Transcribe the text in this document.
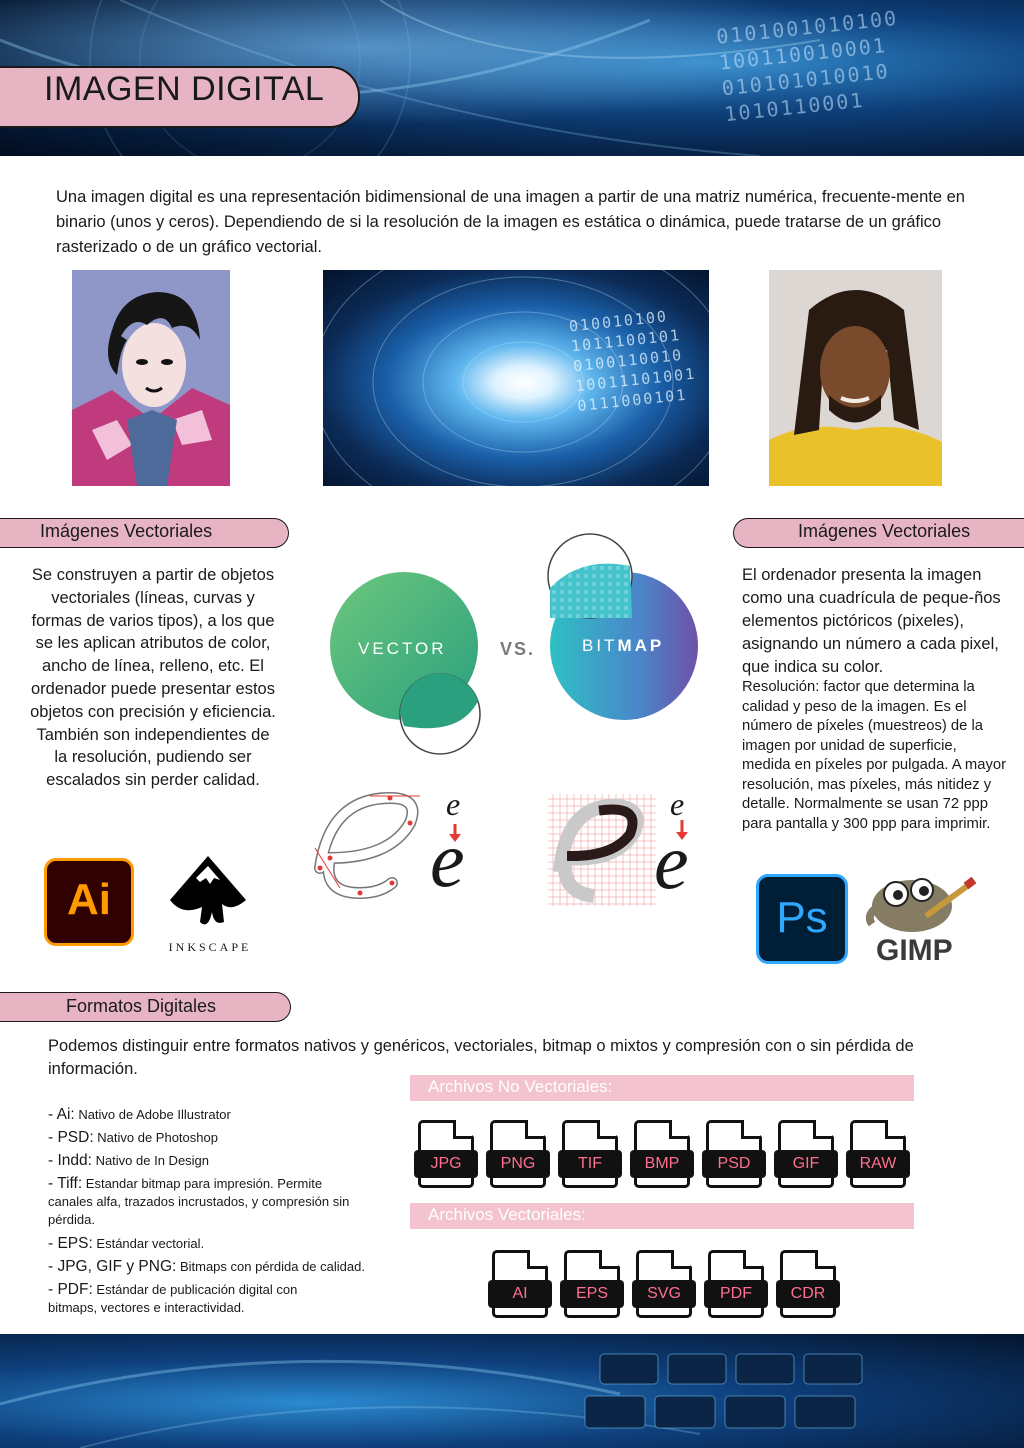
0101001010100
100110010001
010101010010
1010110001
IMAGEN DIGITAL
Una imagen digital es una representación bidimensional de una imagen a partir de una matriz numérica, frecuente-mente en binario (unos y ceros). Dependiendo de si la resolución de la imagen es estática o dinámica, puede tratarse de un gráfico rasterizado o de un gráfico vectorial.
010010100
1011100101
0100110010
10011101001
0111000101
Imágenes Vectoriales
Se construyen a partir de objetos vectoriales (líneas, curvas y formas de varios tipos), a los que se les aplican atributos de color, ancho de línea, relleno, etc. El ordenador puede presentar estos objetos con precisión y eficiencia. También son independientes de la resolución, pudiendo ser escalados sin perder calidad.
Ai
INKSCAPE
VECTOR	VS.	BITMAP
e
e
e
e
Imágenes Vectoriales
El ordenador presenta la imagen como una cuadrícula de peque-ños elementos pictóricos (pixeles), asignando un número a cada pixel, que indica su color.
Resolución: factor que determina la calidad y peso de la imagen. Es el número de píxeles (muestreos) de la imagen por unidad de superficie, medida en píxeles por pulgada. A mayor resolución, mas píxeles, más nitidez y detalle. Normalmente se usan 72 ppp para pantalla y 300 ppp para imprimir.
Ps
GIMP
Formatos Digitales
Podemos distinguir entre formatos nativos y genéricos, vectoriales, bitmap o mixtos y compresión con o sin pérdida de información.
- Ai: Nativo de Adobe Illustrator
- PSD: Nativo de Photoshop
- Indd: Nativo de In Design
- Tiff: Estandar bitmap para impresión. Permite canales alfa, trazados incrustados, y compresión sin pérdida.
- EPS: Estándar vectorial.
- JPG, GIF y PNG: Bitmaps con pérdida de calidad.
- PDF: Estándar de publicación digital con bitmaps, vectores e interactividad.
Archivos No Vectoriales:
JPG	PNG	TIF	BMP	PSD	GIF	RAW
Archivos Vectoriales:
AI	EPS	SVG	PDF	CDR
